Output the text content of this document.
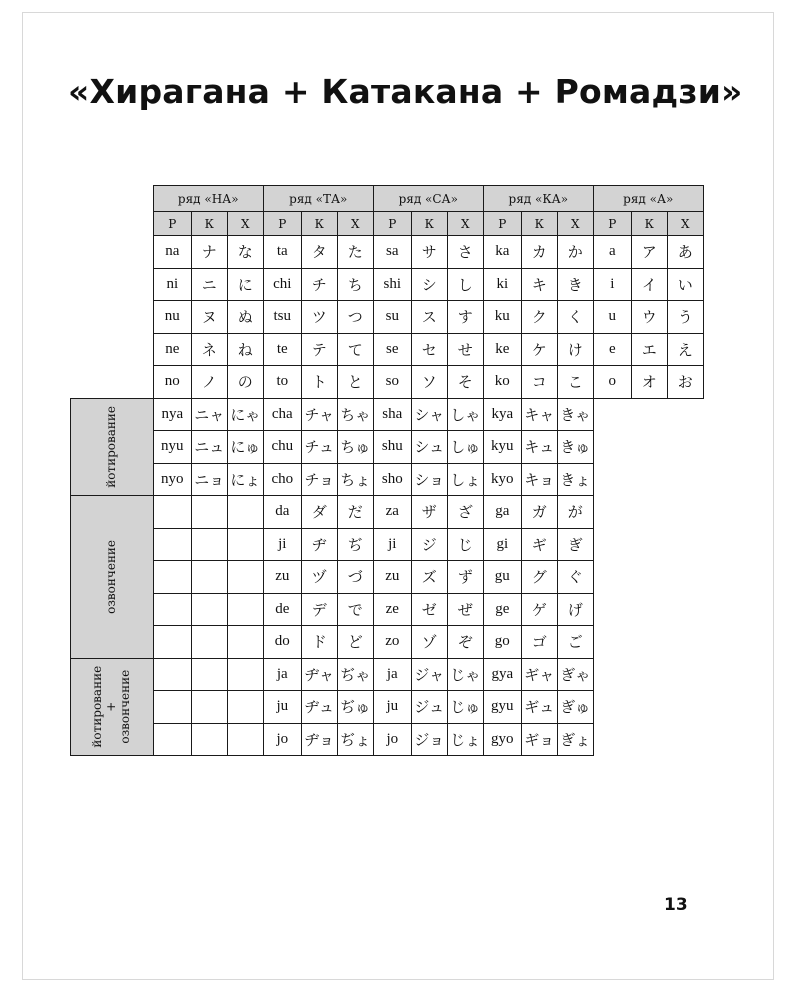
«Хирагана + Катакана + Ромадзи»
	ряд «НА»			ряд «ТА»			ряд «СА»			ряд «КА»			ряд «А»		
	Р	К	Х	Р	К	Х	Р	К	Х	Р	К	Х	Р	К	Х
	na	ナ	な	ta	タ	た	sa	サ	さ	ka	カ	か	a	ア	あ
	ni	ニ	に	chi	チ	ち	shi	シ	し	ki	キ	き	i	イ	い
	nu	ヌ	ぬ	tsu	ツ	つ	su	ス	す	ku	ク	く	u	ウ	う
	ne	ネ	ね	te	テ	て	se	セ	せ	ke	ケ	け	e	エ	え
	no	ノ	の	to	ト	と	so	ソ	そ	ko	コ	こ	o	オ	お

йотирование	nya	ニャ	にゃ	cha	チャ	ちゃ	sha	シャ	しゃ	kya	キャ	きゃ			
	nyu	ニュ	にゅ	chu	チュ	ちゅ	shu	シュ	しゅ	kyu	キュ	きゅ			
	nyo	ニョ	にょ	cho	チョ	ちょ	sho	ショ	しょ	kyo	キョ	きょ			

озвончение				da	ダ	だ	za	ザ	ざ	ga	ガ	が			
				ji	ヂ	ぢ	ji	ジ	じ	gi	ギ	ぎ			
				zu	ヅ	づ	zu	ズ	ず	gu	グ	ぐ			
				de	デ	で	ze	ゼ	ぜ	ge	ゲ	げ			
				do	ド	ど	zo	ゾ	ぞ	go	ゴ	ご			

йотирование + озвончение				ja	ヂャ	ぢゃ	ja	ジャ	じゃ	gya	ギャ	ぎゃ			
				ju	ヂュ	ぢゅ	ju	ジュ	じゅ	gyu	ギュ	ぎゅ			
				jo	ヂョ	ぢょ	jo	ジョ	じょ	gyo	ギョ	ぎょ			
13
